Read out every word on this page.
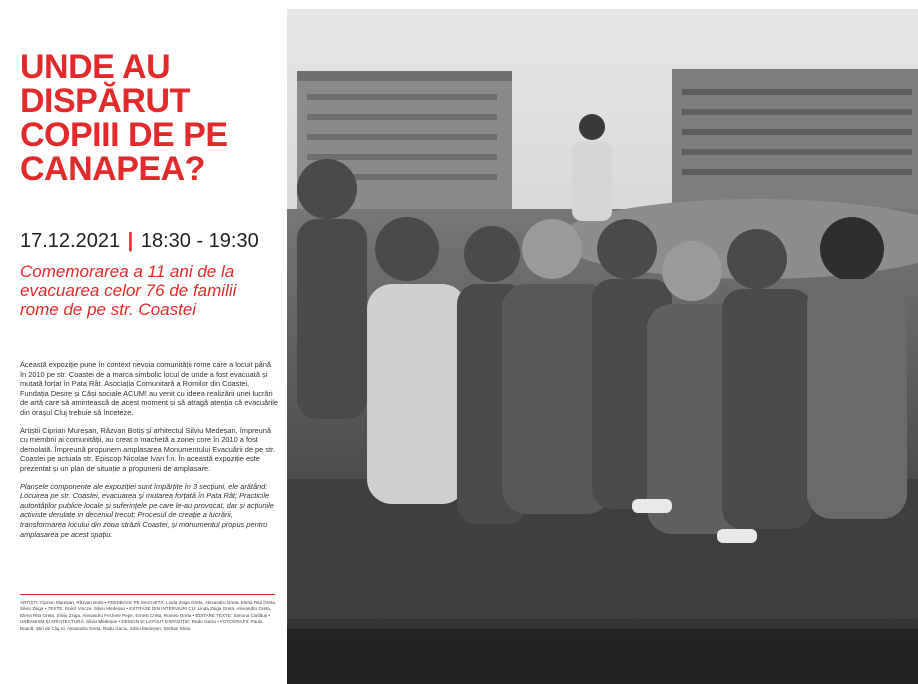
UNDE AU
DISPĂRUT
COPIII DE PE
CANAPEA?
17.12.2021 | 18:30 - 19:30
Comemorarea a 11 ani de la
evacuarea celor 76 de familii
rome de pe str. Coastei

Această expoziție pune în context nevoia comunității rome care a locuit până în 2010 pe str. Coastei de a marca simbolic locul de unde a fost evacuată și mutată forțat în Pata Rât. Asociația Comunitară a Romilor din Coastei, Fundația Desire și Căși sociale ACUM! au venit cu ideea realizării unei lucrări de artă care să amintească de acest moment și să atragă atenția că evacuările din orașul Cluj trebuie să înceteze.

Artiștii Ciprian Mureșan, Răzvan Botiș și arhitectul Silviu Medeșan, împreună cu membrii ai comunității, au creat o machetă a zonei core în 2010 a fost demolată. Împreună propunem amplasarea Monumentului Evacuării de pe str. Coastei pe actuala str. Episcop Nicolae Ivan f.n. În această expoziție este prezentat și un plan de situație a propunerii de amplasare.

Planșele componente ale expoziției sunt împărțite în 3 secțiuni, ele arătând: Locuirea pe str. Coastei, evacuarea și mutarea forțată în Pata Rât; Practicile autorităților publice locale și suferințele pe care le-au provocat, dar și acțiunile activiste derulate in deceniul trecut; Procesul de creație a lucrării, transformarea locului din zona străzii Coastei, și monumentul propus pentru amplasarea pe acest spațiu.

ARTIȘTI: Ciprian Mureșan, Răzvan Botiș • FEEDBACK PE MACHETĂ: Linda Zsiga Greta, Alexandru Greta, Elena Rita Greta, Silviu Zsiga • TEXTE: Enikő Vincze, Silviu Medeșan • EXTRASE DIN INTERVIURI CU: Linda Zsiga Greta, Alexandru Greta, Elena Rita Greta, Silviu Zsiga, Alexandru Fechete Pepe, Ernest Creta, Romeo Greta • EDITARE TEXTE: Simona Ciotlăuș • URBANISM ȘI ARHITECTURĂ: Silviu Medeșan • DESIGN ȘI LAYOUT EXPOZIȚIE: Radu Gaciu • FOTOGRAFII: Paula Boariă, Știri de Cluj.ro, Alexandru Greta, Radu Gaciu, Silviu Medeșan, Șerban Stoia
